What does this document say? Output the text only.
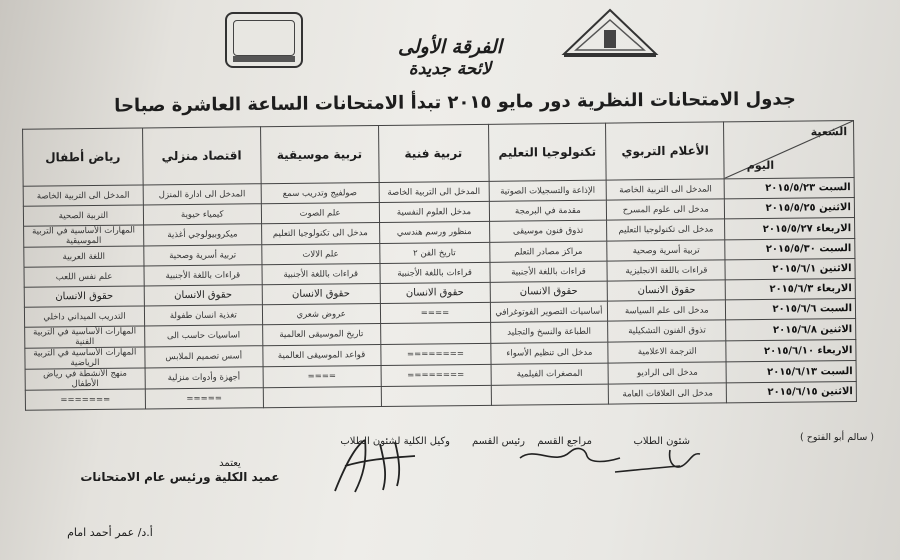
الفرقة الأولى

لائحة جديدة

جدول الامتحانات النظرية دور مايو ٢٠١٥ تبدأ الامتحانات الساعة العاشرة صباحا
الشعبة
اليوم	الأعلام التربوي	تكنولوجيا التعليم	تربية فنية	تربية موسيقية	اقتصاد منزلي	رياض أطفال
السبت ٢٠١٥/٥/٢٣	المدخل الى التربية الخاصة	الإذاعة والتسجيلات الصوتية	المدخل الى التربية الخاصة	صولفيج وتدريب سمع	المدخل الى ادارة المنزل	المدخل الى التربية الخاصة
الاثنين ٢٠١٥/٥/٢٥	مدخل الى علوم المسرح	مقدمة في البرمجة	مدخل العلوم النفسية	علم الصوت	كيمياء حيوية	التربية الصحية
الاربعاء ٢٠١٥/٥/٢٧	مدخل الى تكنولوجيا التعليم	تذوق فنون موسيقى	منظور ورسم هندسي	مدخل الى تكنولوجيا التعليم	ميكروبيولوجي أغذية	المهارات الأساسية في التربية الموسيقية
السبت ٢٠١٥/٥/٣٠	تربية أسرية وصحية	مراكز مصادر التعلم	تاريخ الفن ٢	علم الالات	تربية أسرية وصحية	اللغة العربية
الاثنين ٢٠١٥/٦/١	قراءات باللغة الانجليزية	قراءات باللغة الأجنبية	قراءات باللغة الأجنبية	قراءات باللغة الأجنبية	قراءات باللغة الأجنبية	علم نفس اللعب
الاربعاء ٢٠١٥/٦/٣	حقوق الانسان	حقوق الانسان	حقوق الانسان	حقوق الانسان	حقوق الانسان	حقوق الانسان
السبت ٢٠١٥/٦/٦	مدخل الى علم السياسة	أساسيات التصوير الفوتوغرافي	====	عروض شعري	تغذية انسان طفولة	التدريب الميداني داخلي
الاثنين ٢٠١٥/٦/٨	تذوق الفنون التشكيلية	الطباعة والنسخ والتجليد		تاريخ الموسيقى العالمية	اساسيات حاسب الى	المهارات الأساسية في التربية الفنية
الاربعاء ٢٠١٥/٦/١٠	الترجمة الاعلامية	مدخل الى تنظيم الأسواء	========	قواعد الموسيقى العالمية	أسس تصميم الملابس	المهارات الأساسية في التربية الرياضية
السبت ٢٠١٥/٦/١٣	مدخل الى الراديو	المصغرات الفيلمية	========	====	أجهزة وأدوات منزلية	منهج الأنشطة في رياض الأطفال
الاثنين ٢٠١٥/٦/١٥	مدخل الى العلاقات العامة				=====	=======
شئون الطلاب
مراجع القسم
رئيس القسم
وكيل الكلية لشئون الطلاب	( سالم أبو الفتوح )
يعتمد
عميد الكلية ورئيس عام الامتحانات
أ.د/ عمر أحمد امام
